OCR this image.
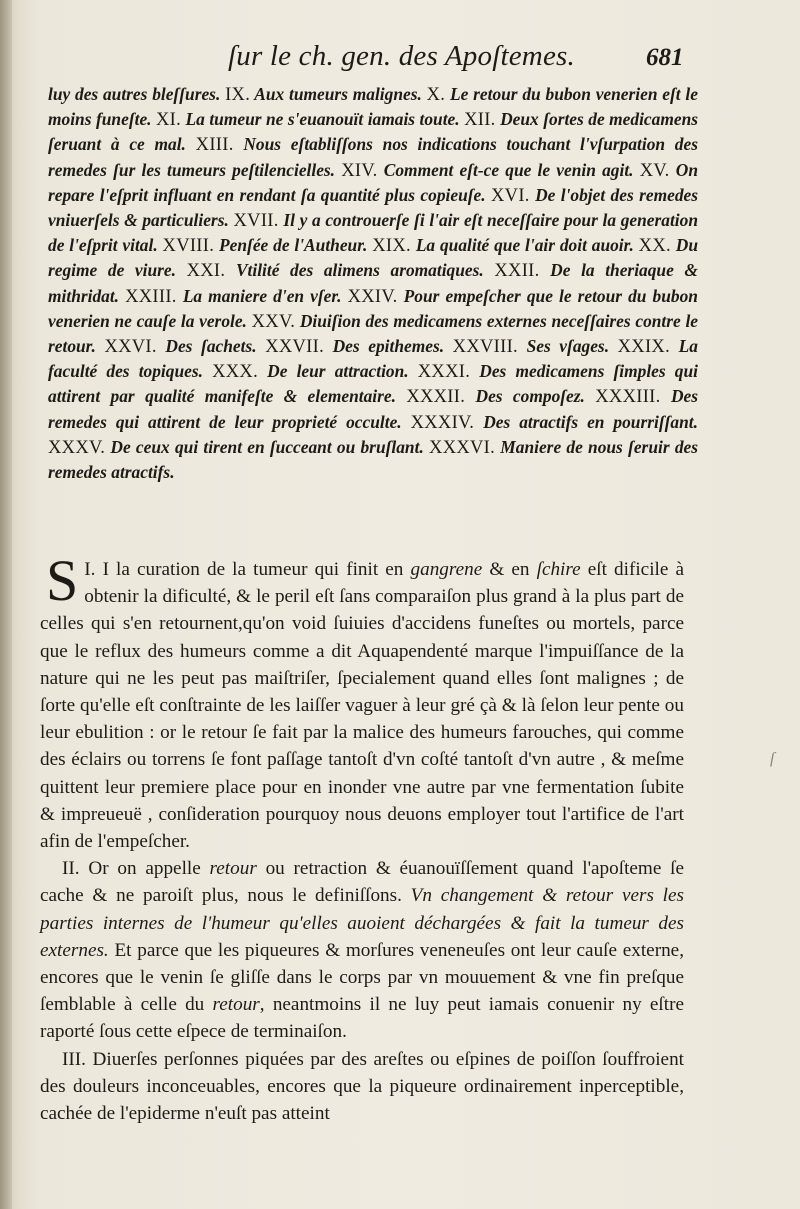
ſur le ch. gen. des Apoſtemes.	681
luy des autres bleſſures. IX. Aux tumeurs malignes. X. Le retour du bubon venerien eſt le moins funeſte. XI. La tumeur ne s'euanouït iamais toute. XII. Deux ſortes de medicamens ſeruant à ce mal. XIII. Nous eſtabliſſons nos indications touchant l'vſurpation des remedes ſur les tumeurs peſtilencielles. XIV. Comment eſt-ce que le venin agit. XV. On repare l'eſprit influant en rendant ſa quantité plus copieuſe. XVI. De l'objet des remedes vniuerſels & particuliers. XVII. Il y a controuerſe ſi l'air eſt neceſſaire pour la generation de l'eſprit vital. XVIII. Penſée de l'Autheur. XIX. La qualité que l'air doit auoir. XX. Du regime de viure. XXI. Vtilité des alimens aromatiques. XXII. De la theriaque & mithridat. XXIII. La maniere d'en vſer. XXIV. Pour empeſcher que le retour du bubon venerien ne cauſe la verole. XXV. Diuiſion des medicamens externes neceſſaires contre le retour. XXVI. Des ſachets. XXVII. Des epithemes. XXVIII. Ses vſages. XXIX. La faculté des topiques. XXX. De leur attraction. XXXI. Des medicamens ſimples qui attirent par qualité manifeſte & elementaire. XXXII. Des compoſez. XXXIII. Des remedes qui attirent de leur proprieté occulte. XXXIV. Des atractifs en pourriſſant. XXXV. De ceux qui tirent en ſucceant ou bruſlant. XXXVI. Maniere de nous ſeruir des remedes atractifs.

I.
S I la curation de la tumeur qui finit en gangrene & en ſchire eſt dificile à obtenir la dificulté, & le peril eſt ſans comparaiſon plus grand à la plus part de celles qui s'en retournent,qu'on void ſuiuies d'accidens funeſtes ou mortels, parce que le reflux des humeurs comme a dit Aquapendenté marque l'impuiſſance de la nature qui ne les peut pas maiſtriſer, ſpecialement quand elles ſont malignes ; de ſorte qu'elle eſt conſtrainte de les laiſſer vaguer à leur gré çà & là ſelon leur pente ou leur ebulition : or le retour ſe fait par la malice des humeurs farouches, qui comme des éclairs ou torrens ſe font paſſage tantoſt d'vn coſté tantoſt d'vn autre , & meſme quittent leur premiere place pour en inonder vne autre par vne fermentation ſubite & impreueuë , conſideration pourquoy nous deuons employer tout l'artifice de l'art afin de l'empeſcher.

II. Or on appelle retour ou retraction & éuanouïſſement quand l'apoſteme ſe cache & ne paroiſt plus, nous le definiſſons. Vn changement & retour vers les parties internes de l'humeur qu'elles auoient déchargées & fait la tumeur des externes. Et parce que les piqueures & morſures veneneuſes ont leur cauſe externe, encores que le venin ſe gliſſe dans le corps par vn mouuement & vne fin preſque ſemblable à celle du retour, neantmoins il ne luy peut iamais conuenir ny eſtre raporté ſous cette eſpece de terminaiſon.

III. Diuerſes perſonnes piquées par des areſtes ou eſpines de poiſſon ſouffroient des douleurs inconceuables, encores que la piqueure ordinairement inperceptible, cachée de l'epiderme n'euſt pas atteint

ſ
